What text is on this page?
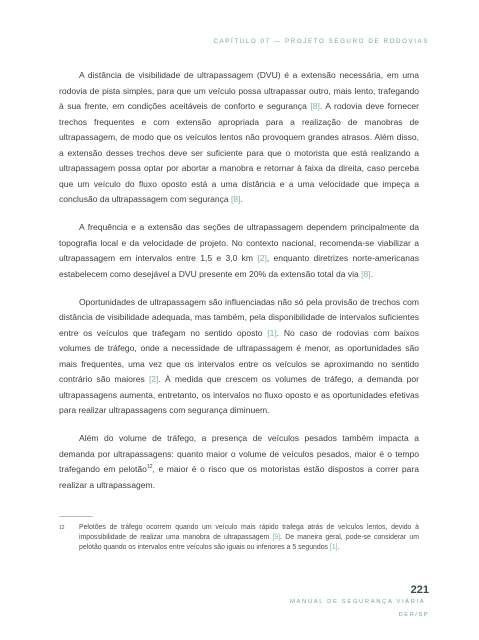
CAPÍTULO 07 — PROJETO SEGURO DE RODOVIAS

A distância de visibilidade de ultrapassagem (DVU) é a extensão necessária, em uma rodovia de pista simples, para que um veículo possa ultrapassar outro, mais lento, trafegando à sua frente, em condições aceitáveis de conforto e segurança [8]. A rodovia deve fornecer trechos frequentes e com extensão apropriada para a realização de manobras de ultrapassagem, de modo que os veículos lentos não provoquem grandes atrasos. Além disso, a extensão desses trechos deve ser suficiente para que o motorista que está realizando a ultrapassagem possa optar por abortar a manobra e retornar à faixa da direita, caso perceba que um veículo do fluxo oposto está a uma distância e a uma velocidade que impeça a conclusão da ultrapassagem com segurança [8].

A frequência e a extensão das seções de ultrapassagem dependem principalmente da topografia local e da velocidade de projeto. No contexto nacional, recomenda-se viabilizar a ultrapassagem em intervalos entre 1,5 e 3,0 km [2], enquanto diretrizes norte-americanas estabelecem como desejável a DVU presente em 20% da extensão total da via [8].

Oportunidades de ultrapassagem são influenciadas não só pela provisão de trechos com distância de visibilidade adequada, mas também, pela disponibilidade de intervalos suficientes entre os veículos que trafegam no sentido oposto [1]. No caso de rodovias com baixos volumes de tráfego, onde a necessidade de ultrapassagem é menor, as oportunidades são mais frequentes, uma vez que os intervalos entre os veículos se aproximando no sentido contrário são maiores [2]. À medida que crescem os volumes de tráfego, a demanda por ultrapassagens aumenta, entretanto, os intervalos no fluxo oposto e as oportunidades efetivas para realizar ultrapassagens com segurança diminuem.

Além do volume de tráfego, a presença de veículos pesados também impacta a demanda por ultrapassagens: quanto maior o volume de veículos pesados, maior é o tempo trafegando em pelotão$^{12}$, e maior é o risco que os motoristas estão dispostos a correr para realizar a ultrapassagem.

12 Pelotões de tráfego ocorrem quando um veículo mais rápido trafega atrás de veículos lentos, devido à impossibilidade de realizar uma manobra de ultrapassagem [9]. De maneira geral, pode-se considerar um pelotão quando os intervalos entre veículos são iguais ou inferiores a 5 segundos [1].
221
MANUAL DE SEGURANÇA VIÁRIA
DER/SP
